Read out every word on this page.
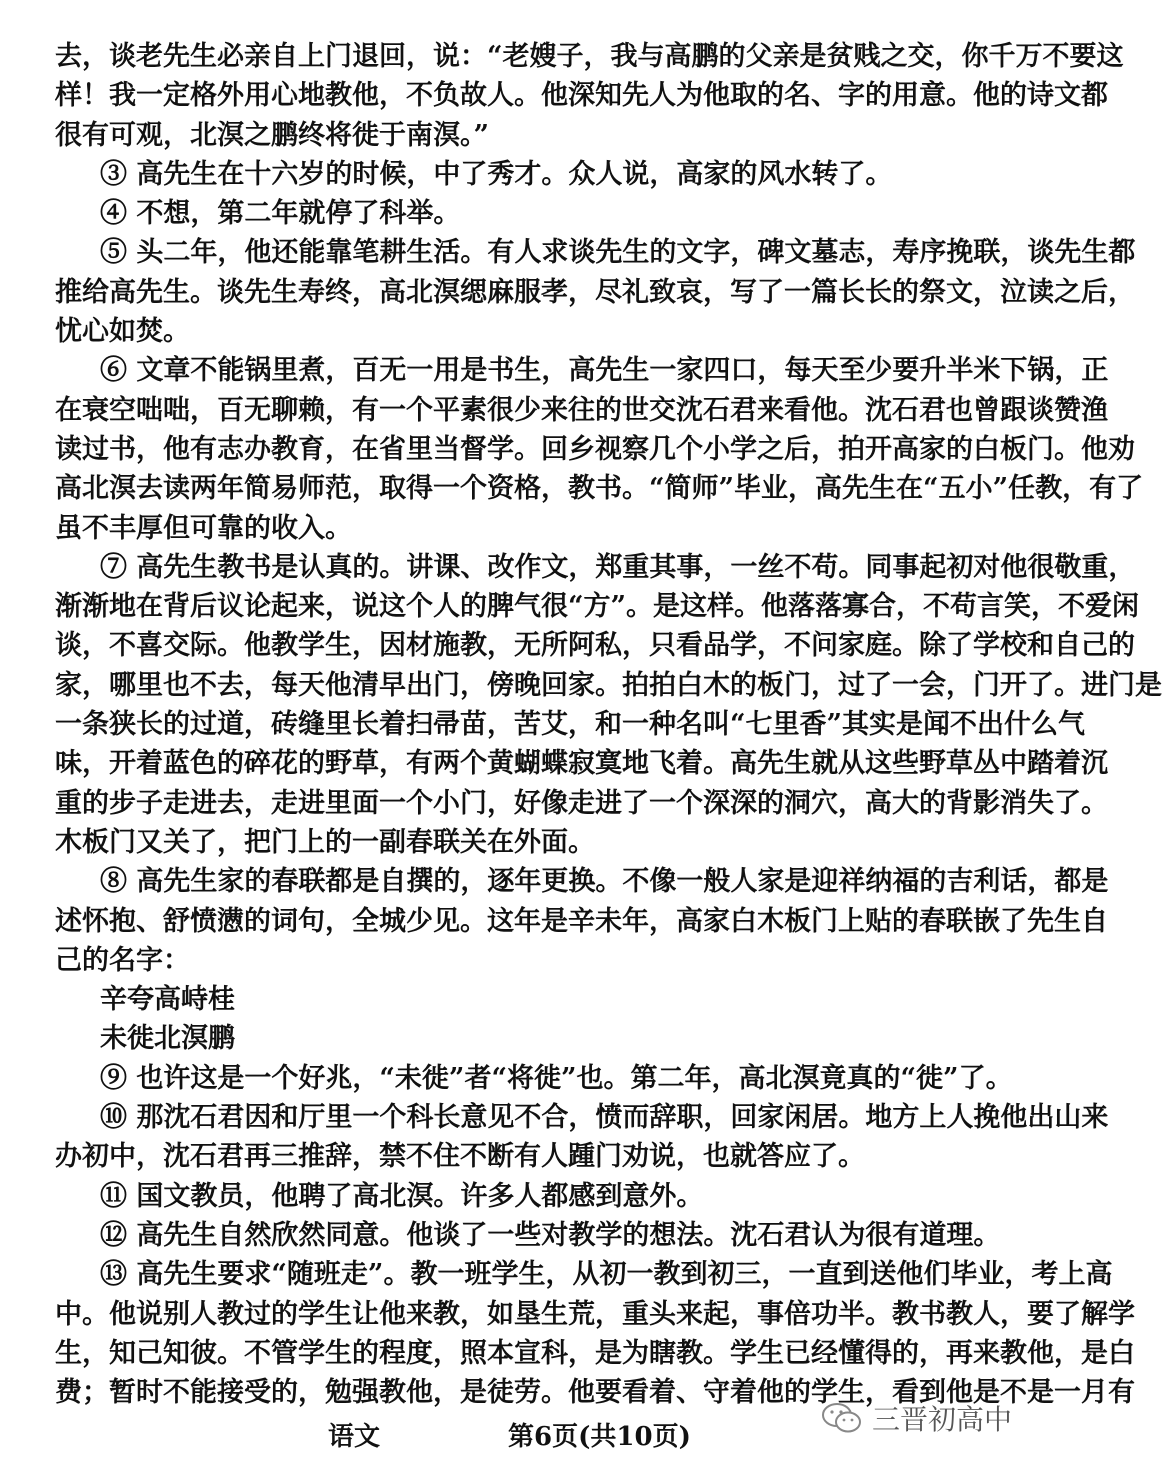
去，谈老先生必亲自上门退回，说：“老嫂子，我与高鹏的父亲是贫贱之交，你千万不要这
样！我一定格外用心地教他，不负故人。他深知先人为他取的名、字的用意。他的诗文都
很有可观，北溟之鹏终将徙于南溟。”
③ 高先生在十六岁的时候，中了秀才。众人说，高家的风水转了。
④ 不想，第二年就停了科举。
⑤ 头二年，他还能靠笔耕生活。有人求谈先生的文字，碑文墓志，寿序挽联，谈先生都
推给高先生。谈先生寿终，高北溟缌麻服孝，尽礼致哀，写了一篇长长的祭文，泣读之后，
忧心如焚。
⑥ 文章不能锅里煮，百无一用是书生，高先生一家四口，每天至少要升半米下锅，正
在衰空咄咄，百无聊赖，有一个平素很少来往的世交沈石君来看他。沈石君也曾跟谈赞渔
读过书，他有志办教育，在省里当督学。回乡视察几个小学之后，拍开高家的白板门。他劝
高北溟去读两年简易师范，取得一个资格，教书。“简师”毕业，高先生在“五小”任教，有了
虽不丰厚但可靠的收入。
⑦ 高先生教书是认真的。讲课、改作文，郑重其事，一丝不苟。同事起初对他很敬重，
渐渐地在背后议论起来，说这个人的脾气很“方”。是这样。他落落寡合，不苟言笑，不爱闲
谈，不喜交际。他教学生，因材施教，无所阿私，只看品学，不问家庭。除了学校和自己的
家，哪里也不去，每天他清早出门，傍晚回家。拍拍白木的板门，过了一会，门开了。进门是
一条狭长的过道，砖缝里长着扫帚苗，苦艾，和一种名叫“七里香”其实是闻不出什么气
味，开着蓝色的碎花的野草，有两个黄蝴蝶寂寞地飞着。高先生就从这些野草丛中踏着沉
重的步子走进去，走进里面一个小门，好像走进了一个深深的洞穴，高大的背影消失了。
木板门又关了，把门上的一副春联关在外面。
⑧ 高先生家的春联都是自撰的，逐年更换。不像一般人家是迎祥纳福的吉利话，都是
述怀抱、舒愤懑的词句，全城少见。这年是辛未年，高家白木板门上贴的春联嵌了先生自
己的名字：
辛夸高峙桂
未徙北溟鹏
⑨ 也许这是一个好兆，“未徙”者“将徙”也。第二年，高北溟竟真的“徙”了。
⑩ 那沈石君因和厅里一个科长意见不合，愤而辞职，回家闲居。地方上人挽他出山来
办初中，沈石君再三推辞，禁不住不断有人踵门劝说，也就答应了。
⑪ 国文教员，他聘了高北溟。许多人都感到意外。
⑫ 高先生自然欣然同意。他谈了一些对教学的想法。沈石君认为很有道理。
⑬ 高先生要求“随班走”。教一班学生，从初一教到初三，一直到送他们毕业，考上高
中。他说别人教过的学生让他来教，如垦生荒，重头来起，事倍功半。教书教人，要了解学
生，知己知彼。不管学生的程度，照本宣科，是为瞎教。学生已经懂得的，再来教他，是白
费；暂时不能接受的，勉强教他，是徒劳。他要看着、守着他的学生，看到他是不是一月有
语文	第6页(共10页)
三晋初高中
